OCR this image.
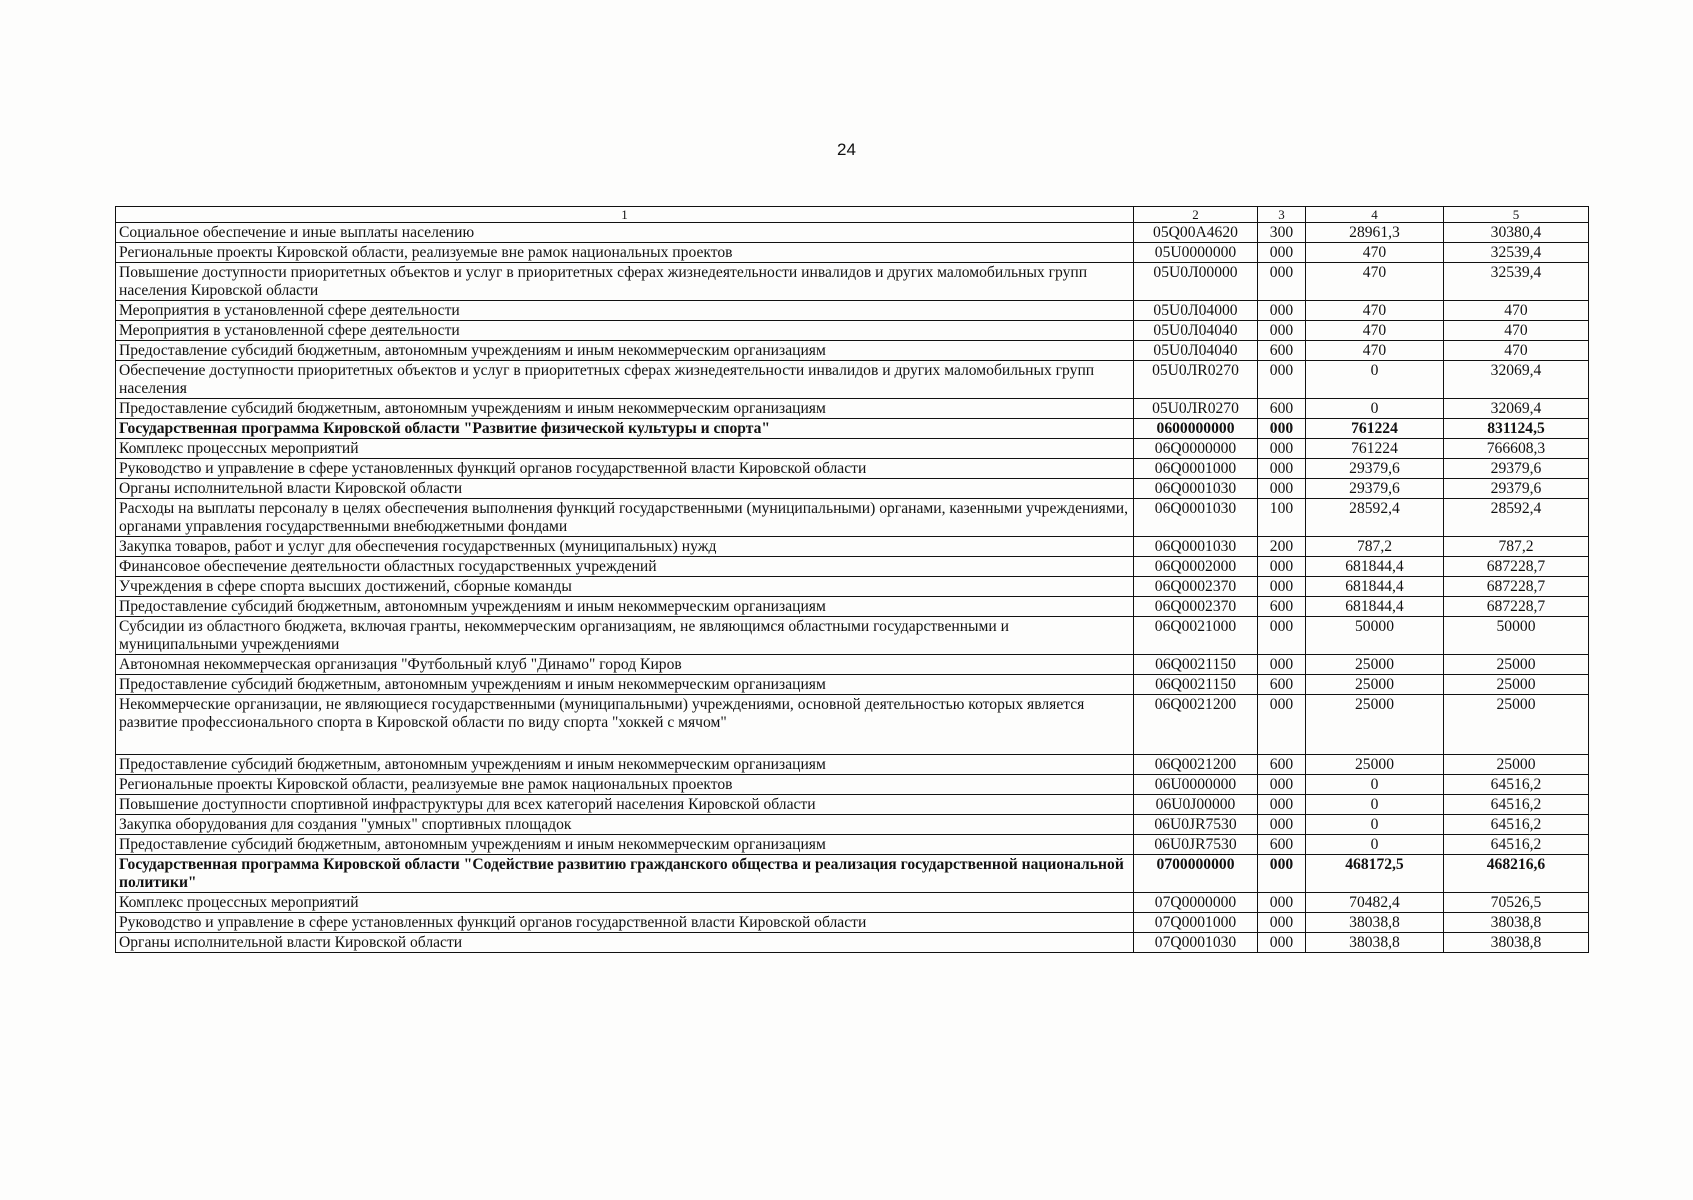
24
1	2	3	4	5
Социальное обеспечение и иные выплаты населению	05Q00A4620	300	28961,3	30380,4
Региональные проекты Кировской области, реализуемые вне рамок национальных проектов	05U0000000	000	470	32539,4
Повышение доступности приоритетных объектов и услуг в приоритетных сферах жизнедеятельности инвалидов и других маломобильных групп населения Кировской области	05U0Л00000	000	470	32539,4
Мероприятия в установленной сфере деятельности	05U0Л04000	000	470	470
Мероприятия в установленной сфере деятельности	05U0Л04040	000	470	470
Предоставление субсидий бюджетным, автономным учреждениям и иным некоммерческим организациям	05U0Л04040	600	470	470
Обеспечение доступности приоритетных объектов и услуг в приоритетных сферах жизнедеятельности инвалидов и других маломобильных групп населения	05U0ЛR0270	000	0	32069,4
Предоставление субсидий бюджетным, автономным учреждениям и иным некоммерческим организациям	05U0ЛR0270	600	0	32069,4
Государственная программа Кировской области "Развитие физической культуры и спорта"	0600000000	000	761224	831124,5
Комплекс процессных мероприятий	06Q0000000	000	761224	766608,3
Руководство и управление в сфере установленных функций органов государственной власти Кировской области	06Q0001000	000	29379,6	29379,6
Органы исполнительной власти Кировской области	06Q0001030	000	29379,6	29379,6
Расходы на выплаты персоналу в целях обеспечения выполнения функций государственными (муниципальными) органами, казенными учреждениями, органами управления государственными внебюджетными фондами	06Q0001030	100	28592,4	28592,4
Закупка товаров, работ и услуг для обеспечения государственных (муниципальных) нужд	06Q0001030	200	787,2	787,2
Финансовое обеспечение деятельности областных государственных учреждений	06Q0002000	000	681844,4	687228,7
Учреждения в сфере спорта высших достижений, сборные команды	06Q0002370	000	681844,4	687228,7
Предоставление субсидий бюджетным, автономным учреждениям и иным некоммерческим организациям	06Q0002370	600	681844,4	687228,7
Субсидии из областного бюджета, включая гранты, некоммерческим организациям, не являющимся областными государственными и муниципальными учреждениями	06Q0021000	000	50000	50000
Автономная некоммерческая организация "Футбольный клуб "Динамо" город Киров	06Q0021150	000	25000	25000
Предоставление субсидий бюджетным, автономным учреждениям и иным некоммерческим организациям	06Q0021150	600	25000	25000
Некоммерческие организации, не являющиеся государственными (муниципальными) учреждениями, основной деятельностью которых является развитие профессионального спорта в Кировской области по виду спорта "хоккей с мячом"	06Q0021200	000	25000	25000
Предоставление субсидий бюджетным, автономным учреждениям и иным некоммерческим организациям	06Q0021200	600	25000	25000
Региональные проекты Кировской области, реализуемые вне рамок национальных проектов	06U0000000	000	0	64516,2
Повышение доступности спортивной инфраструктуры для всех категорий населения Кировской области	06U0J00000	000	0	64516,2
Закупка оборудования для создания "умных" спортивных площадок	06U0JR7530	000	0	64516,2
Предоставление субсидий бюджетным, автономным учреждениям и иным некоммерческим организациям	06U0JR7530	600	0	64516,2
Государственная программа Кировской области "Содействие развитию гражданского общества и реализация государственной национальной политики"	0700000000	000	468172,5	468216,6
Комплекс процессных мероприятий	07Q0000000	000	70482,4	70526,5
Руководство и управление в сфере установленных функций органов государственной власти Кировской области	07Q0001000	000	38038,8	38038,8
Органы исполнительной власти Кировской области	07Q0001030	000	38038,8	38038,8
